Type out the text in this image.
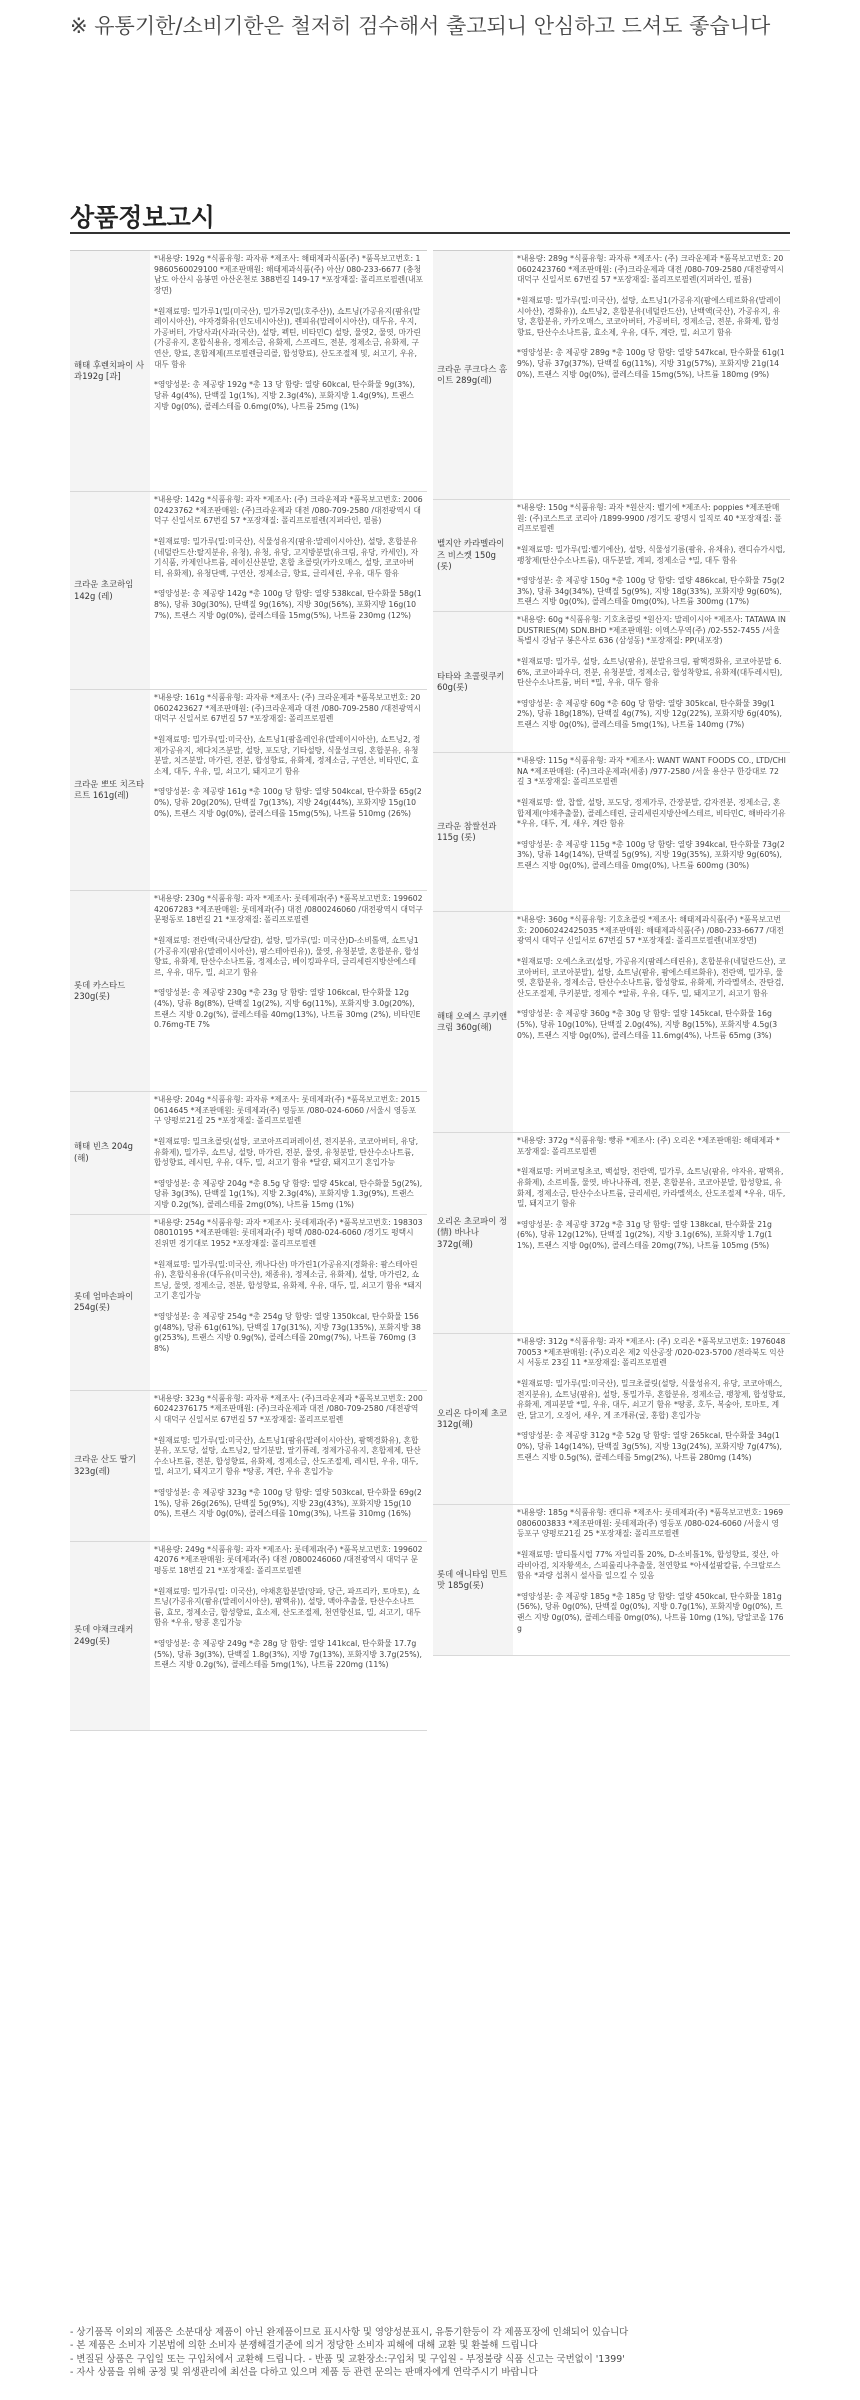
※ 유통기한/소비기한은 철저히 검수해서 출고되니 안심하고 드셔도 좋습니다
상품정보고시
해태 후렌치파이 사과192g [과]

*내용량: 192g *식품유형: 과자류 *제조사: 해태제과식품(주) *품목보고번호: 19860560029100 *제조판매원: 해태제과식품(주) 아산/ 080-233-6677 (충청남도 아산시 음봉면 아산온천로 388번길 149-17 *포장재질: 폴리프로필렌(내포장면)

*원재료명: 밀가루1(밀(미국산), 밀가루2(밀(호주산)), 쇼트닝(가공유지(팜유(말레이시아산), 야자경화유(인도네시아산)), 렌피유(말레이시아산), 대두유, 우지, 가공버터, 가당사과(사과(국산), 설탕, 펙틴, 비타민C) 설탕, 물엿2, 물엿, 마가린(가공유지, 혼합식용유, 정제소금, 유화제, 스프레드, 전분, 정제소금, 유화제, 구연산, 향료, 혼합제제(프로필렌글리콜, 합성향료), 산도조절제 및, 쇠고기, 우유, 대두 함유

*영양성분: 총 제공량 192g *총 13 당 함량: 열량 60kcal, 탄수화물 9g(3%), 당류 4g(4%), 단백질 1g(1%), 지방 2.3g(4%), 포화지방 1.4g(9%), 트랜스 지방 0g(0%), 콜레스테롤 0.6mg(0%), 나트륨 25mg (1%)

크라운 초코하임 142g (레)

*내용량: 142g *식품유형: 과자 *제조사: (주) 크라운제과 *품목보고번호: 200602423762 *제조판매원: (주)크라운제과 대전 /080-709-2580 /대전광역시 대덕구 신일서로 67번길 57 *포장재질: 폴리프로필렌(지퍼라인, 필름)

*원재료명: 밀가루(밀:미국산), 식물성유지(팜유:말레이시아산), 설탕, 혼합분유(네덜란드산:탈지분유, 유청), 유청, 유당, 고지방분말(유크림, 유당, 카세인), 자기식품, 카제인나트륨, 레이신산분말, 혼합 초콜릿(카카오매스, 설탕, 코코아버터, 유화제), 유청단백, 구연산, 정제소금, 향료, 글리세린, 우유, 대두 함유

*영양성분: 총 제공량 142g *총 100g 당 함량: 열량 538kcal, 탄수화물 58g(18%), 당류 30g(30%), 단백질 9g(16%), 지방 30g(56%), 포화지방 16g(107%), 트랜스 지방 0g(0%), 콜레스테롤 15mg(5%), 나트륨 230mg (12%)

크라운 뽀또 치즈타르트 161g(레)

*내용량: 161g *식품유형: 과자류 *제조사: (주) 크라운제과 *품목보고번호: 200602423627 *제조판매원: (주)크라운제과 대전 /080-709-2580 /대전광역시 대덕구 신일서로 67번길 57 *포장재질: 폴리프로필렌

*원재료명: 밀가루(밀:미국산), 쇼트닝1(팜올레인유(말레이시아산), 쇼트닝2, 정제가공유지, 체다치즈분말, 설탕, 포도당, 기타설탕, 식물성크림, 혼합분유, 유청분말, 치즈분말, 마가린, 전분, 합성향료, 유화제, 정제소금, 구연산, 비타민C, 효소제, 대두, 우유, 밀, 쇠고기, 돼지고기 함유

*영양성분: 총 제공량 161g *총 100g 당 함량: 열량 504kcal, 탄수화물 65g(20%), 당류 20g(20%), 단백질 7g(13%), 지방 24g(44%), 포화지방 15g(100%), 트랜스 지방 0g(0%), 콜레스테롤 15mg(5%), 나트륨 510mg (26%)

롯데 카스타드 230g(롯)

*내용량: 230g *식품유형: 과자 *제조사: 롯데제과(주) *품목보고번호: 19960242067283 *제조판매원: 롯데제과(주) 대전 /0800246060 /대전광역시 대덕구 문평동로 18번길 21 *포장재질: 폴리프로필렌

*원재료명: 전란액(국내산/달걀), 설탕, 밀가루(밀: 미국산)D-소비톨액, 쇼트닝1(가공유지(팜유(말레이시아산), 팜스테아린유)), 물엿, 유청분말, 혼합분유, 합성향료, 유화제, 탄산수소나트륨, 정제소금, 베이킹파우더, 글리세린지방산에스테르, 우유, 대두, 밀, 쇠고기 함유

*영양성분: 총 제공량 230g *총 23g 당 함량: 열량 106kcal, 탄수화물 12g(4%), 당류 8g(8%), 단백질 1g(2%), 지방 6g(11%), 포화지방 3.0g(20%), 트랜스 지방 0.2g(%), 콜레스테롤 40mg(13%), 나트륨 30mg (2%), 비타민E 0.76mg-TE 7%

해태 빈츠 204g (해)

*내용량: 204g *식품유형: 과자류 *제조사: 롯데제과(주) *품목보고번호: 20150614645 *제조판매원: 롯데제과(주) 영등포 /080-024-6060 /서울시 영등포구 양평로21길 25 *포장재질: 폴리프로필렌

*원재료명: 밀크초콜릿(설탕, 코코아프리퍼레이션, 전지분유, 코코아버터, 유당, 유화제), 밀가루, 쇼트닝, 설탕, 마가린, 전분, 물엿, 유청분말, 탄산수소나트륨, 합성향료, 레시틴, 우유, 대두, 밀, 쇠고기 함유 *달걀, 돼지고기 혼입가능

*영양성분: 총 제공량 204g *총 8.5g 당 함량: 열량 45kcal, 탄수화물 5g(2%), 당류 3g(3%), 단백질 1g(1%), 지방 2.3g(4%), 포화지방 1.3g(9%), 트랜스 지방 0.2g(%), 콜레스테롤 2mg(0%), 나트륨 15mg (1%)

롯데 엄마손파이 254g(롯)

*내용량: 254g *식품유형: 과자 *제조사: 롯데제과(주) *품목보고번호: 19830308010195 *제조판매원: 롯데제과(주) 평택 /080-024-6060 /경기도 평택시 진위면 경기대로 1952 *포장재질: 폴리프로필렌

*원재료명: 밀가루(밀:미국산, 캐나다산) 마가린1(가공유지(경화유: 팜스테아린유), 혼합식용유(대두유(미국산), 채종유), 정제소금, 유화제), 설탕, 마가린2, 쇼트닝, 물엿, 정제소금, 전분, 합성향료, 유화제, 우유, 대두, 밀, 쇠고기 함유 *돼지고기 혼입가능

*영양성분: 총 제공량 254g *총 254g 당 함량: 열량 1350kcal, 탄수화물 156g(48%), 당류 61g(61%), 단백질 17g(31%), 지방 73g(135%), 포화지방 38g(253%), 트랜스 지방 0.9g(%), 콜레스테롤 20mg(7%), 나트륨 760mg (38%)

크라운 산도 딸기 323g(레)

*내용량: 323g *식품유형: 과자류 *제조사: (주)크라운제과 *품목보고번호: 20060242376175 *제조판매원: (주)크라운제과 대전 /080-709-2580 /대전광역시 대덕구 신일서로 67번길 57 *포장재질: 폴리프로필렌

*원재료명: 밀가루(밀:미국산), 쇼트닝1(팜유(말레이시아산), 팜핵경화유), 혼합분유, 포도당, 설탕, 쇼트닝2, 딸기분말, 딸기퓨레, 정제가공유지, 혼합제제, 탄산수소나트륨, 전분, 합성향료, 유화제, 정제소금, 산도조절제, 레시틴, 우유, 대두, 밀, 쇠고기, 돼지고기 함유 *땅콩, 계란, 우유 혼입가능

*영양성분: 총 제공량 323g *총 100g 당 함량: 열량 503kcal, 탄수화물 69g(21%), 당류 26g(26%), 단백질 5g(9%), 지방 23g(43%), 포화지방 15g(100%), 트랜스 지방 0g(0%), 콜레스테롤 10mg(3%), 나트륨 310mg (16%)

롯데 야채크래커 249g(롯)

*내용량: 249g *식품유형: 과자 *제조사: 롯데제과(주) *품목보고번호: 19960242076 *제조판매원: 롯데제과(주) 대전 /0800246060 /대전광역시 대덕구 문평동로 18번길 21 *포장재질: 폴리프로필렌

*원재료명: 밀가루(밀: 미국산), 야채혼합분말(양파, 당근, 파프리카, 토마토), 쇼트닝(가공유지(팜유(말레이시아산), 팜핵유)), 설탕, 맥아추출물, 탄산수소나트륨, 효모, 정제소금, 합성향료, 효소제, 산도조절제, 천연향신료, 밀, 쇠고기, 대두 함유 *우유, 땅콩 혼입가능

*영양성분: 총 제공량 249g *총 28g 당 함량: 열량 141kcal, 탄수화물 17.7g(5%), 당류 3g(3%), 단백질 1.8g(3%), 지방 7g(13%), 포화지방 3.7g(25%), 트랜스 지방 0.2g(%), 콜레스테롤 5mg(1%), 나트륨 220mg (11%)

크라운 쿠크다스 홈이트 289g(레)

*내용량: 289g *식품유형: 과자류 *제조사: (주) 크라운제과 *품목보고번호: 200602423760 *제조판매원: (주)크라운제과 대전 /080-709-2580 /대전광역시 대덕구 신일서로 67번길 57 *포장재질: 폴리프로필렌(지퍼라인, 필름)

*원재료명: 밀가루(밀:미국산), 설탕, 쇼트닝1(가공유지(팜에스테르화유(말레이시아산), 경화유)), 쇼트닝2, 혼합분유(네덜란드산), 난백액(국산), 가공유지, 유당, 혼합분유, 카카오매스, 코코아버터, 가공버터, 정제소금, 전분, 유화제, 합성향료, 탄산수소나트륨, 효소제, 우유, 대두, 계란, 밀, 쇠고기 함유

*영양성분: 총 제공량 289g *총 100g 당 함량: 열량 547kcal, 탄수화물 61g(19%), 당류 37g(37%), 단백질 6g(11%), 지방 31g(57%), 포화지방 21g(140%), 트랜스 지방 0g(0%), 콜레스테롤 15mg(5%), 나트륨 180mg (9%)

벨지안 카라멜라이즈 비스켓 150g (롯)

*내용량: 150g *식품유형: 과자 *원산지: 벨기에 *제조사: poppies *제조판매원: (주)코스트코 코리아 /1899-9900 /경기도 광명시 일직로 40 *포장재질: 폴리프로필렌

*원재료명: 밀가루(밀:벨기에산), 설탕, 식물성기름(팜유, 유채유), 캔디슈가시럽, 팽창제(탄산수소나트륨), 대두분말, 계피, 정제소금 *밀, 대두 함유

*영양성분: 총 제공량 150g *총 100g 당 함량: 열량 486kcal, 탄수화물 75g(23%), 당류 34g(34%), 단백질 5g(9%), 지방 18g(33%), 포화지방 9g(60%), 트랜스 지방 0g(0%), 콜레스테롤 0mg(0%), 나트륨 300mg (17%)

타타와 초콜릿쿠키 60g(롯)

*내용량: 60g *식품유형: 기호초콜릿 *원산지: 말레이시아 *제조사: TATAWA INDUSTRIES(M) SDN.BHD *제조판매원: 이엑스무역(주) /02-552-7455 /서울특별시 강남구 봉은사로 636 (삼성동) *포장재질: PP(내포장)

*원재료명: 밀가루, 설탕, 쇼트닝(팜유), 분말유크림, 팜핵경화유, 코코아분말 6.6%, 코코아파우더, 전분, 유청분말, 정제소금, 합성착향료, 유화제(대두레시틴), 탄산수소나트륨, 버터 *밀, 우유, 대두 함유

*영양성분: 총 제공량 60g *총 60g 당 함량: 열량 305kcal, 탄수화물 39g(12%), 당류 18g(18%), 단백질 4g(7%), 지방 12g(22%), 포화지방 6g(40%), 트랜스 지방 0g(0%), 콜레스테롤 5mg(1%), 나트륨 140mg (7%)

크라운 참쌀선과 115g (롯)

*내용량: 115g *식품유형: 과자 *제조사: WANT WANT FOODS CO., LTD/CHINA *제조판매원: (주)크라운제과(세종) /977-2580 /서울 용산구 한강대로 72길 3 *포장재질: 폴리프로필렌

*원재료명: 쌀, 찹쌀, 설탕, 포도당, 정제가루, 간장분말, 감자전분, 정제소금, 혼합제제(야채추출물), 콜레스테린, 글리세린지방산에스테르, 비타민C, 해바라기유 *우유, 대두, 게, 새우, 계란 함유

*영양성분: 총 제공량 115g *총 100g 당 함량: 열량 394kcal, 탄수화물 73g(23%), 당류 14g(14%), 단백질 5g(9%), 지방 19g(35%), 포화지방 9g(60%), 트랜스 지방 0g(0%), 콜레스테롤 0mg(0%), 나트륨 600mg (30%)

해태 오예스 쿠키앤크림 360g(해)

*내용량: 360g *식품유형: 기호초콜릿 *제조사: 해태제과식품(주) *품목보고번호: 20060242425035 *제조판매원: 해태제과식품(주) /080-233-6677 /대전광역시 대덕구 신일서로 67번길 57 *포장재질: 폴리프로필렌(내포장면)

*원재료명: 오예스초코(설탕, 가공유지(팜레스테린유), 혼합분유(네덜란드산), 코코아버터, 코코아분말), 설탕, 쇼트닝(팜유, 팜에스테르화유), 전란액, 밀가루, 물엿, 혼합분유, 정제소금, 탄산수소나트륨, 합성향료, 유화제, 카라멜색소, 잔탄검, 산도조절제, 쿠키분말, 정제수 *알류, 우유, 대두, 밀, 돼지고기, 쇠고기 함유

*영양성분: 총 제공량 360g *총 30g 당 함량: 열량 145kcal, 탄수화물 16g(5%), 당류 10g(10%), 단백질 2.0g(4%), 지방 8g(15%), 포화지방 4.5g(30%), 트랜스 지방 0g(0%), 콜레스테롤 11.6mg(4%), 나트륨 65mg (3%)

오리온 초코파이 정(情) 바나나 372g(해)

*내용량: 372g *식품유형: 빵류 *제조사: (주) 오리온 *제조판매원: 해태제과 *포장재질: 폴리프로필렌

*원재료명: 커버코팅초코, 백설탕, 전란액, 밀가루, 쇼트닝(팜유, 야자유, 팜핵유, 유화제), 소르비톨, 물엿, 바나나퓨레, 전분, 혼합분유, 코코아분말, 합성향료, 유화제, 정제소금, 탄산수소나트륨, 글리세린, 카라멜색소, 산도조절제 *우유, 대두, 밀, 돼지고기 함유

*영양성분: 총 제공량 372g *총 31g 당 함량: 열량 138kcal, 탄수화물 21g(6%), 당류 12g(12%), 단백질 1g(2%), 지방 3.1g(6%), 포화지방 1.7g(11%), 트랜스 지방 0g(0%), 콜레스테롤 20mg(7%), 나트륨 105mg (5%)

오리온 다이제 초코 312g(해)

*내용량: 312g *식품유형: 과자 *제조사: (주) 오리온 *품목보고번호: 197604870053 *제조판매원: (주)오리온 제2 익산공장 /020-023-5700 /전라북도 익산시 서동로 23길 11 *포장재질: 폴리프로필렌

*원재료명: 밀가루(밀:미국산), 밀크초콜릿(설탕, 식물성유지, 유당, 코코아매스, 전지분유), 쇼트닝(팜유), 설탕, 통밀가루, 혼합분유, 정제소금, 팽창제, 합성향료, 유화제, 계피분말 *밀, 우유, 대두, 쇠고기 함유 *땅콩, 호두, 복숭아, 토마토, 계란, 닭고기, 오징어, 새우, 게 조개류(굴, 홍합) 혼입가능

*영양성분: 총 제공량 312g *총 52g 당 함량: 열량 265kcal, 탄수화물 34g(10%), 당류 14g(14%), 단백질 3g(5%), 지방 13g(24%), 포화지방 7g(47%), 트랜스 지방 0.5g(%), 콜레스테롤 5mg(2%), 나트륨 280mg (14%)

롯데 애니타임 민트맛 185g(롯)

*내용량: 185g *식품유형: 캔디류 *제조사: 롯데제과(주) *품목보고번호: 19690806003833 *제조판매원: 롯데제과(주) 영등포 /080-024-6060 /서울시 영등포구 양평로21길 25 *포장재질: 폴리프로필렌

*원재료명: 말티톨시럽 77% 자일리톨 20%, D-소비톨1%, 합성향료, 젖산, 아라비아검, 치자황색소, 스피룰리나추출물, 천연향료 *아세설팜칼륨, 수크랄로스 함유 *과량 섭취시 설사를 일으킬 수 있음

*영양성분: 총 제공량 185g *총 185g 당 함량: 열량 450kcal, 탄수화물 181g(56%), 당류 0g(0%), 단백질 0g(0%), 지방 0.7g(1%), 포화지방 0g(0%), 트랜스 지방 0g(0%), 콜레스테롤 0mg(0%), 나트륨 10mg (1%), 당알코올 176g

- 상기품목 이외의 제품은 소분대상 제품이 아닌 완제품이므로 표시사항 및 영양성분표시, 유통기한등이 각 제품포장에 인쇄되어 있습니다
- 본 제품은 소비자 기본법에 의한 소비자 분쟁해결기준에 의거 정당한 소비자 피해에 대해 교환 및 환불해 드립니다
- 변질된 상품은 구입일 또는 구입처에서 교환해 드립니다. - 반품 및 교환장소:구입처 및 구입원 - 부정불량 식품 신고는 국번없이 '1399'
- 자사 상품을 위해 공정 및 위생관리에 최선을 다하고 있으며 제품 등 관련 문의는 판매자에게 연락주시기 바랍니다
